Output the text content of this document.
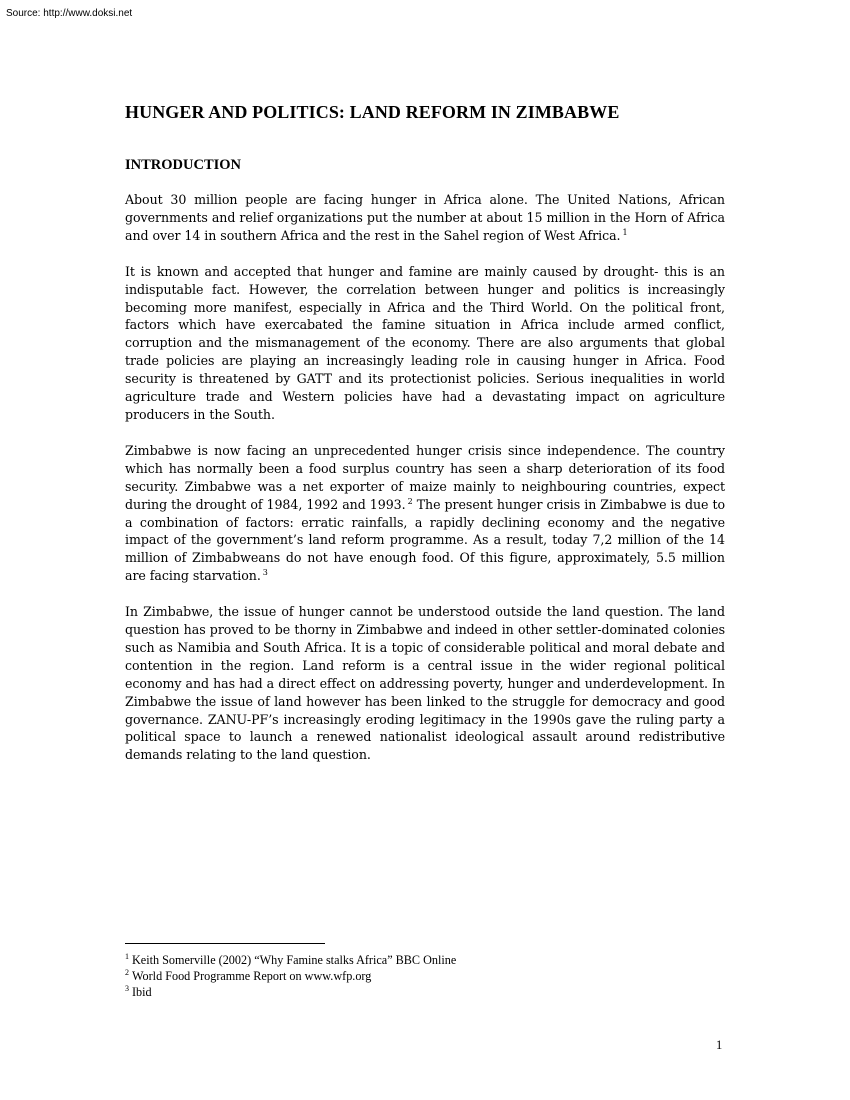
Source: http://www.doksi.net
HUNGER AND POLITICS: LAND REFORM IN ZIMBABWE
INTRODUCTION

About 30 million people are facing hunger in Africa alone. The United Nations, African governments and relief organizations put the number at about 15 million in the Horn of Africa and over 14 in southern Africa and the rest in the Sahel region of West Africa. $^1$

It is known and accepted that hunger and famine are mainly caused by drought- this is an indisputable fact. However, the correlation between hunger and politics is increasingly becoming more manifest, especially in Africa and the Third World. On the political front, factors which have exercabated the famine situation in Africa include armed conflict, corruption and the mismanagement of the economy. There are also arguments that global trade policies are playing an increasingly leading role in causing hunger in Africa. Food security is threatened by GATT and its protectionist policies. Serious inequalities in world agriculture trade and Western policies have had a devastating impact on agriculture producers in the South.

Zimbabwe is now facing an unprecedented hunger crisis since independence. The country which has normally been a food surplus country has seen a sharp deterioration of its food security. Zimbabwe was a net exporter of maize mainly to neighbouring countries, expect during the drought of 1984, 1992 and 1993. $^2$ The present hunger crisis in Zimbabwe is due to a combination of factors: erratic rainfalls, a rapidly declining economy and the negative impact of the government’s land reform programme. As a result, today 7,2 million of the 14 million of Zimbabweans do not have enough food. Of this figure, approximately, 5.5 million are facing starvation. $^3$

In Zimbabwe, the issue of hunger cannot be understood outside the land question. The land question has proved to be thorny in Zimbabwe and indeed in other settler-dominated colonies such as Namibia and South Africa. It is a topic of considerable political and moral debate and contention in the region. Land reform is a central issue in the wider regional political economy and has had a direct effect on addressing poverty, hunger and underdevelopment. In Zimbabwe the issue of land however has been linked to the struggle for democracy and good governance. ZANU-PF’s increasingly eroding legitimacy in the 1990s gave the ruling party a political space to launch a renewed nationalist ideological assault around redistributive demands relating to the land question.

$^1$ Keith Somerville (2002) “Why Famine stalks Africa” BBC Online
$^2$ World Food Programme Report on www.wfp.org
$^3$ Ibid
1
